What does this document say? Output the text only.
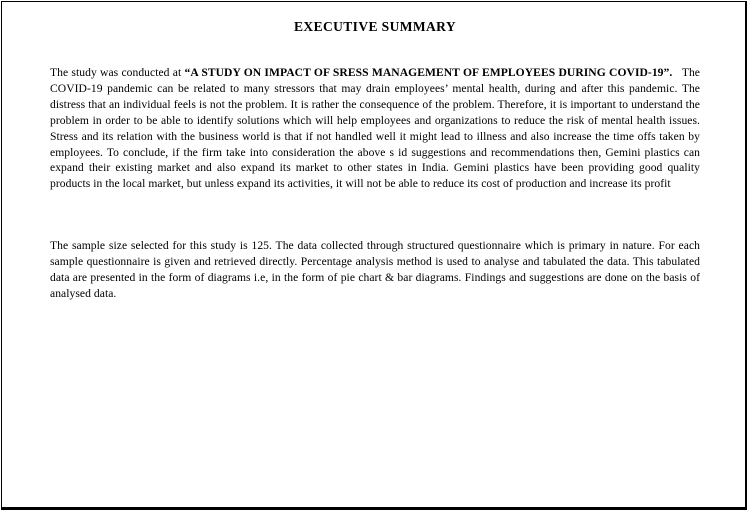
EXECUTIVE SUMMARY

The study was conducted at “A STUDY ON IMPACT OF SRESS MANAGEMENT OF EMPLOYEES DURING COVID-19”.   The COVID-19 pandemic can be related to many stressors that may drain employees’ mental health, during and after this pandemic. The distress that an individual feels is not the problem. It is rather the consequence of the problem. Therefore, it is important to understand the problem in order to be able to identify solutions which will help employees and organizations to reduce the risk of mental health issues. Stress and its relation with the business world is that if not handled well it might lead to illness and also increase the time offs taken by employees. To conclude, if the firm take into consideration the above s id suggestions and recommendations then, Gemini plastics can expand their existing market and also expand its market to other states in India. Gemini plastics have been providing good quality products in the local market, but unless expand its activities, it will not be able to reduce its cost of production and increase its profit

The sample size selected for this study is 125. The data collected through structured questionnaire which is primary in nature. For each sample questionnaire is given and retrieved directly. Percentage analysis method is used to analyse and tabulated the data. This tabulated data are presented in the form of diagrams i.e, in the form of pie chart & bar diagrams. Findings and suggestions are done on the basis of analysed data.
